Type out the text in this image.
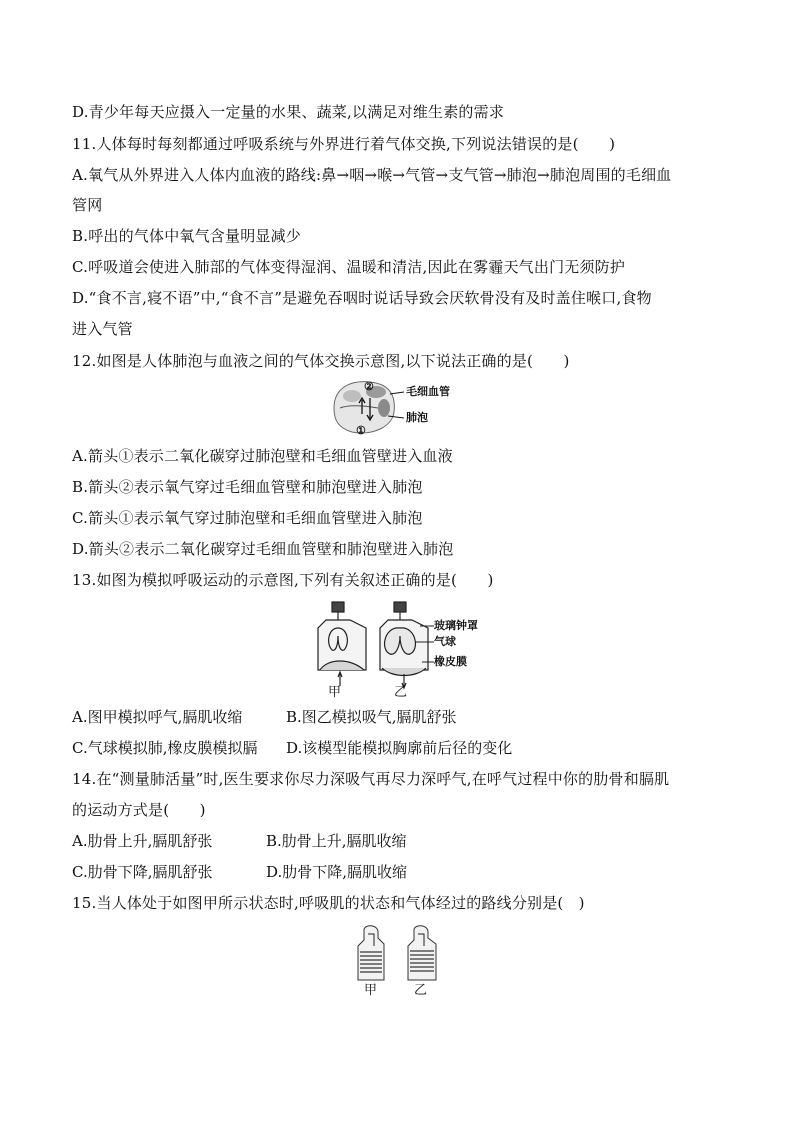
D.青少年每天应摄入一定量的水果、蔬菜,以满足对维生素的需求
11.人体每时每刻都通过呼吸系统与外界进行着气体交换,下列说法错误的是(　　)
A.氧气从外界进入人体内血液的路线:鼻→咽→喉→气管→支气管→肺泡→肺泡周围的毛细血
管网
B.呼出的气体中氧气含量明显减少
C.呼吸道会使进入肺部的气体变得湿润、温暖和清洁,因此在雾霾天气出门无须防护
D.“食不言,寝不语”中,“食不言”是避免吞咽时说话导致会厌软骨没有及时盖住喉口,食物
进入气管
12.如图是人体肺泡与血液之间的气体交换示意图,以下说法正确的是(　　)
②
①
毛细血管
肺泡
A.箭头①表示二氧化碳穿过肺泡壁和毛细血管壁进入血液
B.箭头②表示氧气穿过毛细血管壁和肺泡壁进入肺泡
C.箭头①表示氧气穿过肺泡壁和毛细血管壁进入肺泡
D.箭头②表示二氧化碳穿过毛细血管壁和肺泡壁进入肺泡
13.如图为模拟呼吸运动的示意图,下列有关叙述正确的是(　　)
玻璃钟罩
气球
橡皮膜
甲	乙
A.图甲模拟呼气,膈肌收缩	B.图乙模拟吸气,膈肌舒张
C.气球模拟肺,橡皮膜模拟膈 D.该模型能模拟胸廓前后径的变化
14.在“测量肺活量”时,医生要求你尽力深吸气再尽力深呼气,在呼气过程中你的肋骨和膈肌
的运动方式是(　　)
A.肋骨上升,膈肌舒张	B.肋骨上升,膈肌收缩
C.肋骨下降,膈肌舒张	D.肋骨下降,膈肌收缩
15.当人体处于如图甲所示状态时,呼吸肌的状态和气体经过的路线分别是(　)
甲	乙
